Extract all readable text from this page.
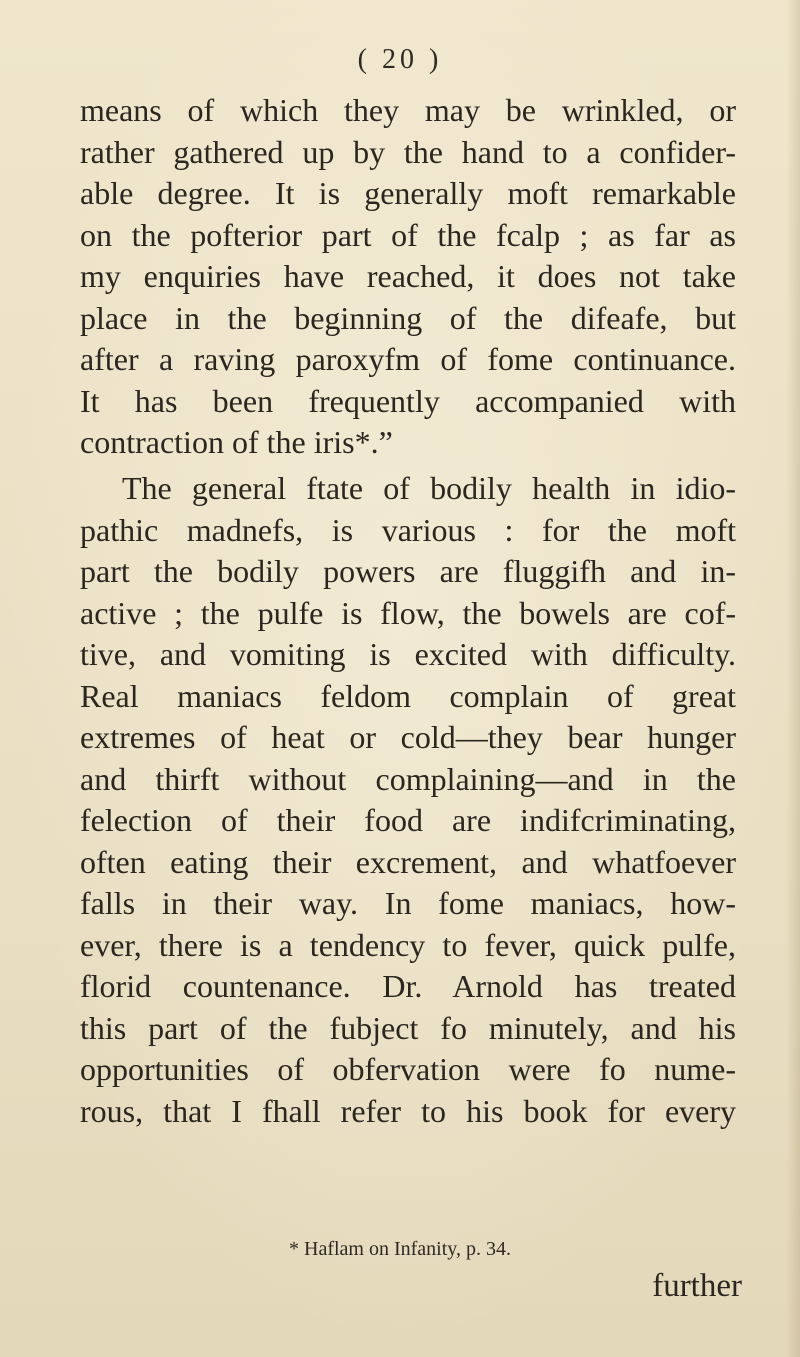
( 20 )
means of which they may be wrinkled, or
rather gathered up by the hand to a confider-
able degree. It is generally moft remarkable
on the pofterior part of the fcalp ; as far as
my enquiries have reached, it does not take
place in the beginning of the difeafe, but
after a raving paroxyfm of fome continuance.
It has been frequently accompanied with
contraction of the iris*.”
The general ftate of bodily health in idio-
pathic madnefs, is various : for the moft
part the bodily powers are fluggifh and in-
active ; the pulfe is flow, the bowels are cof-
tive, and vomiting is excited with difficulty.
Real maniacs feldom complain of great
extremes of heat or cold—they bear hunger
and thirft without complaining—and in the
felection of their food are indifcriminating,
often eating their excrement, and whatfoever
falls in their way. In fome maniacs, how-
ever, there is a tendency to fever, quick pulfe,
florid countenance. Dr. Arnold has treated
this part of the fubject fo minutely, and his
opportunities of obfervation were fo nume-
rous, that I fhall refer to his book for every
* Haflam on Infanity, p. 34.
further
